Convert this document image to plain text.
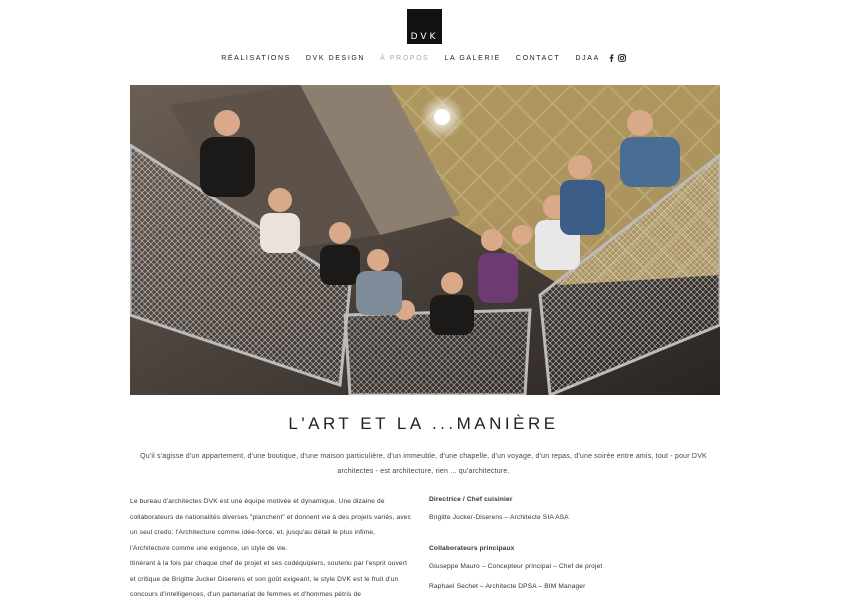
DVK
RÉALISATIONS DVK DESIGN À PROPOS LA GALERIE CONTACT DJAA
L'ART ET LA ...MANIÈRE

Qu'il s'agisse d'un appartement, d'une boutique, d'une maison particulière, d'un immeuble, d'une chapelle, d'un voyage, d'un repas, d'une soirée entre amis, tout - pour DVK architectes - est architecture, rien ... qu'architecture.

Le bureau d'architectes DVK est une équipe motivée et dynamique. Une dizaine de collaborateurs de nationalités diverses "planchent" et donnent vie à des projets variés, avec un seul credo: l'Architecture comme idée-force, et, jusqu'au détail le plus infime, l'Architecture comme une exigence, un style de vie.

Itinérant à la fois par chaque chef de projet et ses codéquipiers, soutenu par l'esprit ouvert et critique de Brigitte Jucker Diserens et son goût exigeant, le style DVK est le fruit d'un concours d'intelligences, d'un partenariat de femmes et d'hommes pétris de

Directrice / Chef cuisinier

Brigitte Jucker-Diserens – Architecte SIA ASA

Collaborateurs principaux

Giuseppe Mauro – Concepteur principal – Chef de projet

Raphael Sechet – Architecte DPSA – BIM Manager
